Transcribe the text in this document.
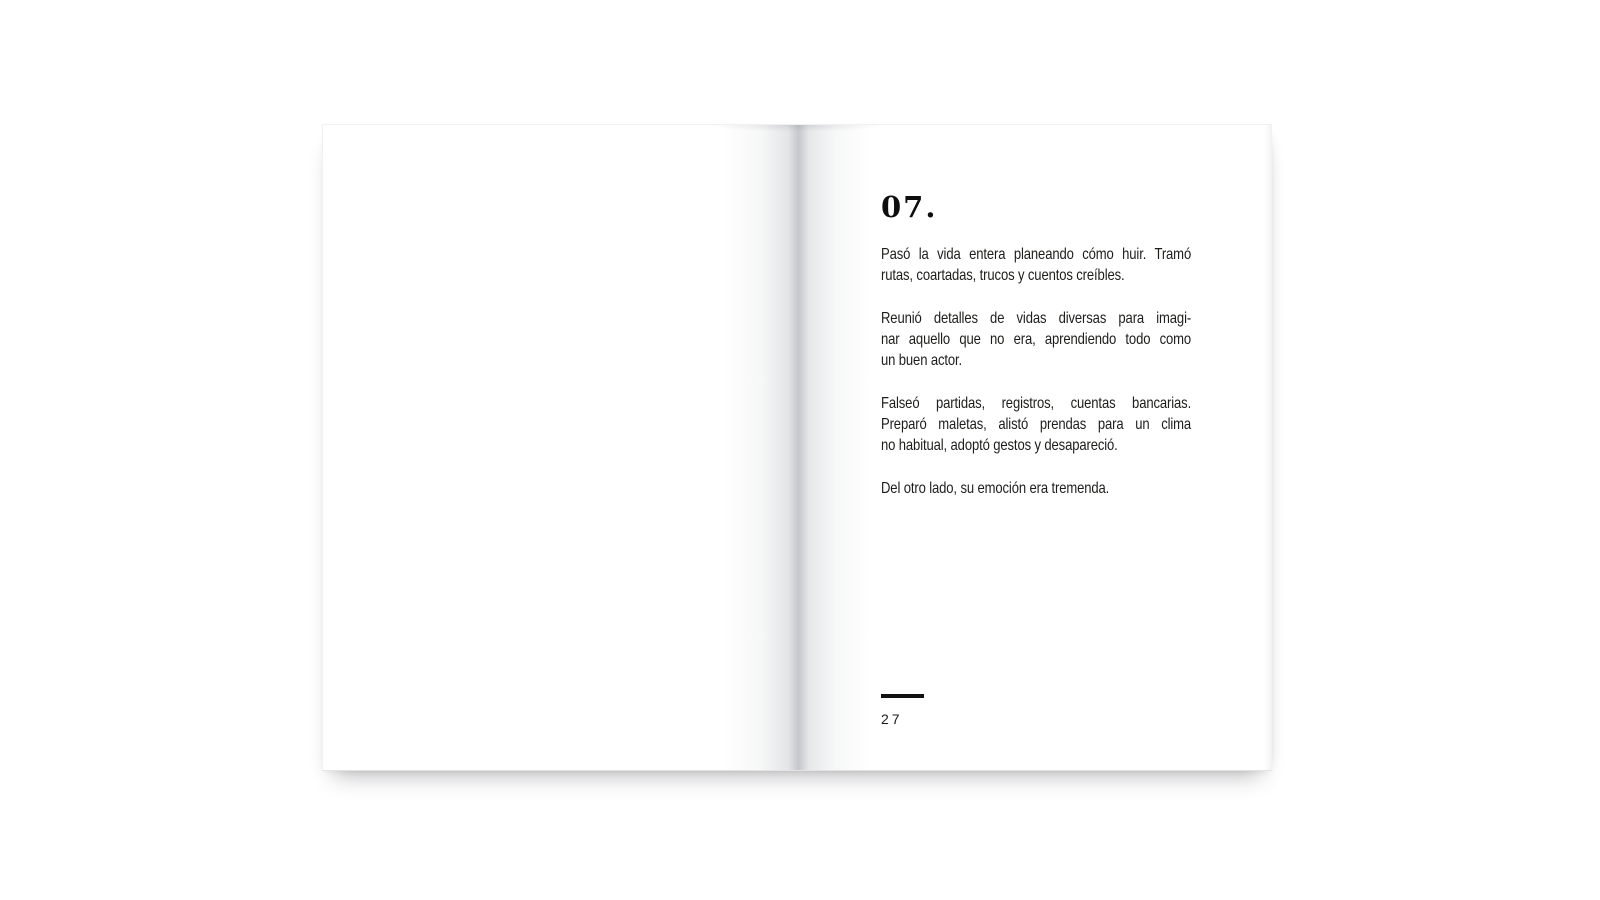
07.
Pasó la vida entera planeando cómo huir. Tramó
rutas, coartadas, trucos y cuentos creíbles.
Reunió detalles de vidas diversas para imagi-
nar aquello que no era, aprendiendo todo como
un buen actor.
Falseó partidas, registros, cuentas bancarias.
Preparó maletas, alistó prendas para un clima
no habitual, adoptó gestos y desapareció.
Del otro lado, su emoción era tremenda.
27
